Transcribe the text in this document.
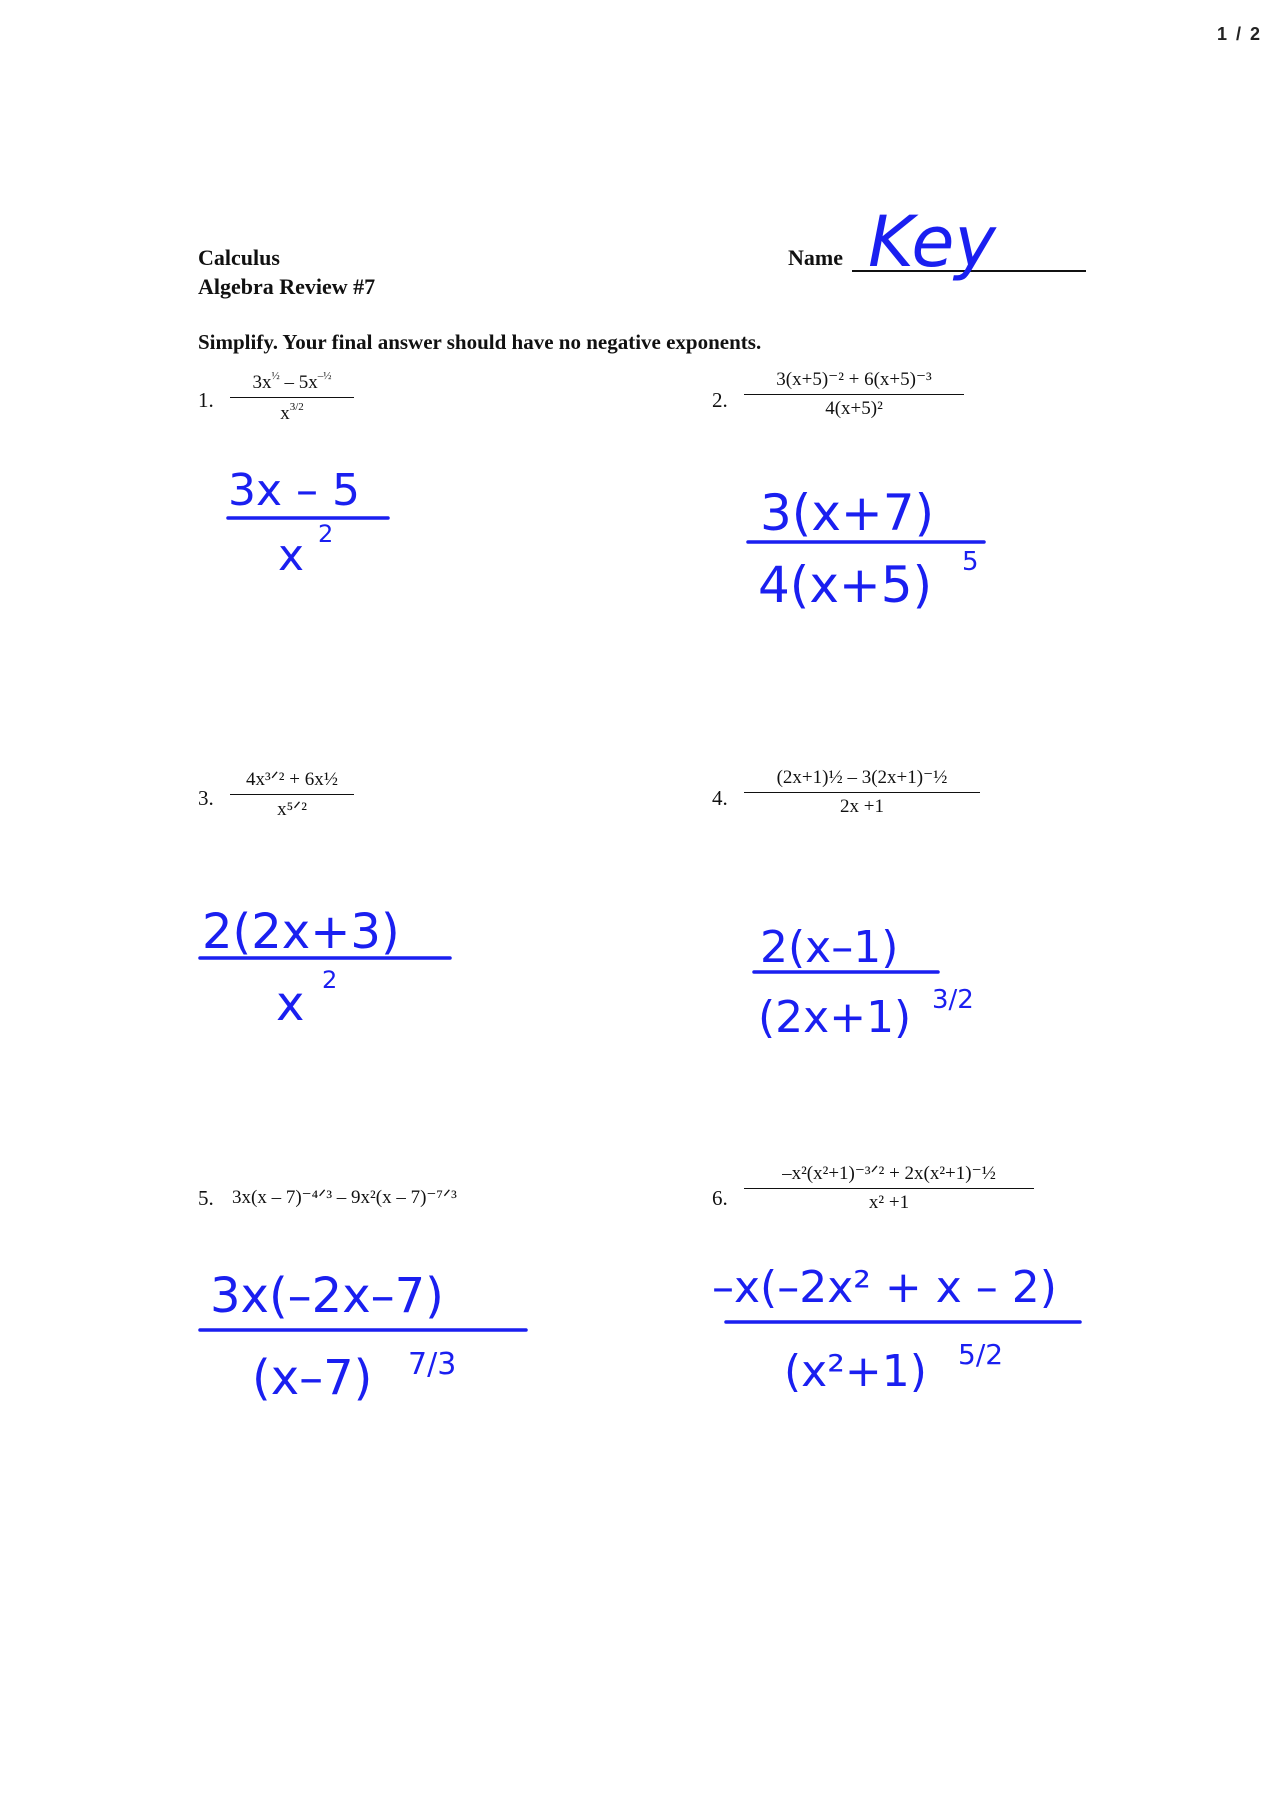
1 / 2
Calculus
Algebra Review #7
Name Key
Simplify. Your final answer should have no negative exponents.
1. $\frac{3x^{\frac{1}{2}} - 5x^{-\frac{1}{2}}}{x^{3/2}}$	2. $\frac{\text{3(x+5)⁻² + 6(x+5)⁻³}}{\text{4(x+5)²}}$
3.
4x³ᐟ² + 6x½
x⁵ᐟ²	4. $\frac{\text{(2x+1)½ – 3(2x+1)⁻½}}{2x +1}$
5. 3x(x – 7)⁻⁴ᐟ³ – 9x²(x – 7)⁻⁷ᐟ³	6.
–x²(x²+1)⁻³ᐟ² + 2x(x²+1)⁻½
x² +1
3x – 5
x 2	3(x+7)
4(x+5) 5
2(2x+3)
x 2
2(x–1)
(2x+1) 3/2
3x(–2x–7)
(x–7) 7/3
–x(–2x² + x – 2)
(x²+1) 5/2
